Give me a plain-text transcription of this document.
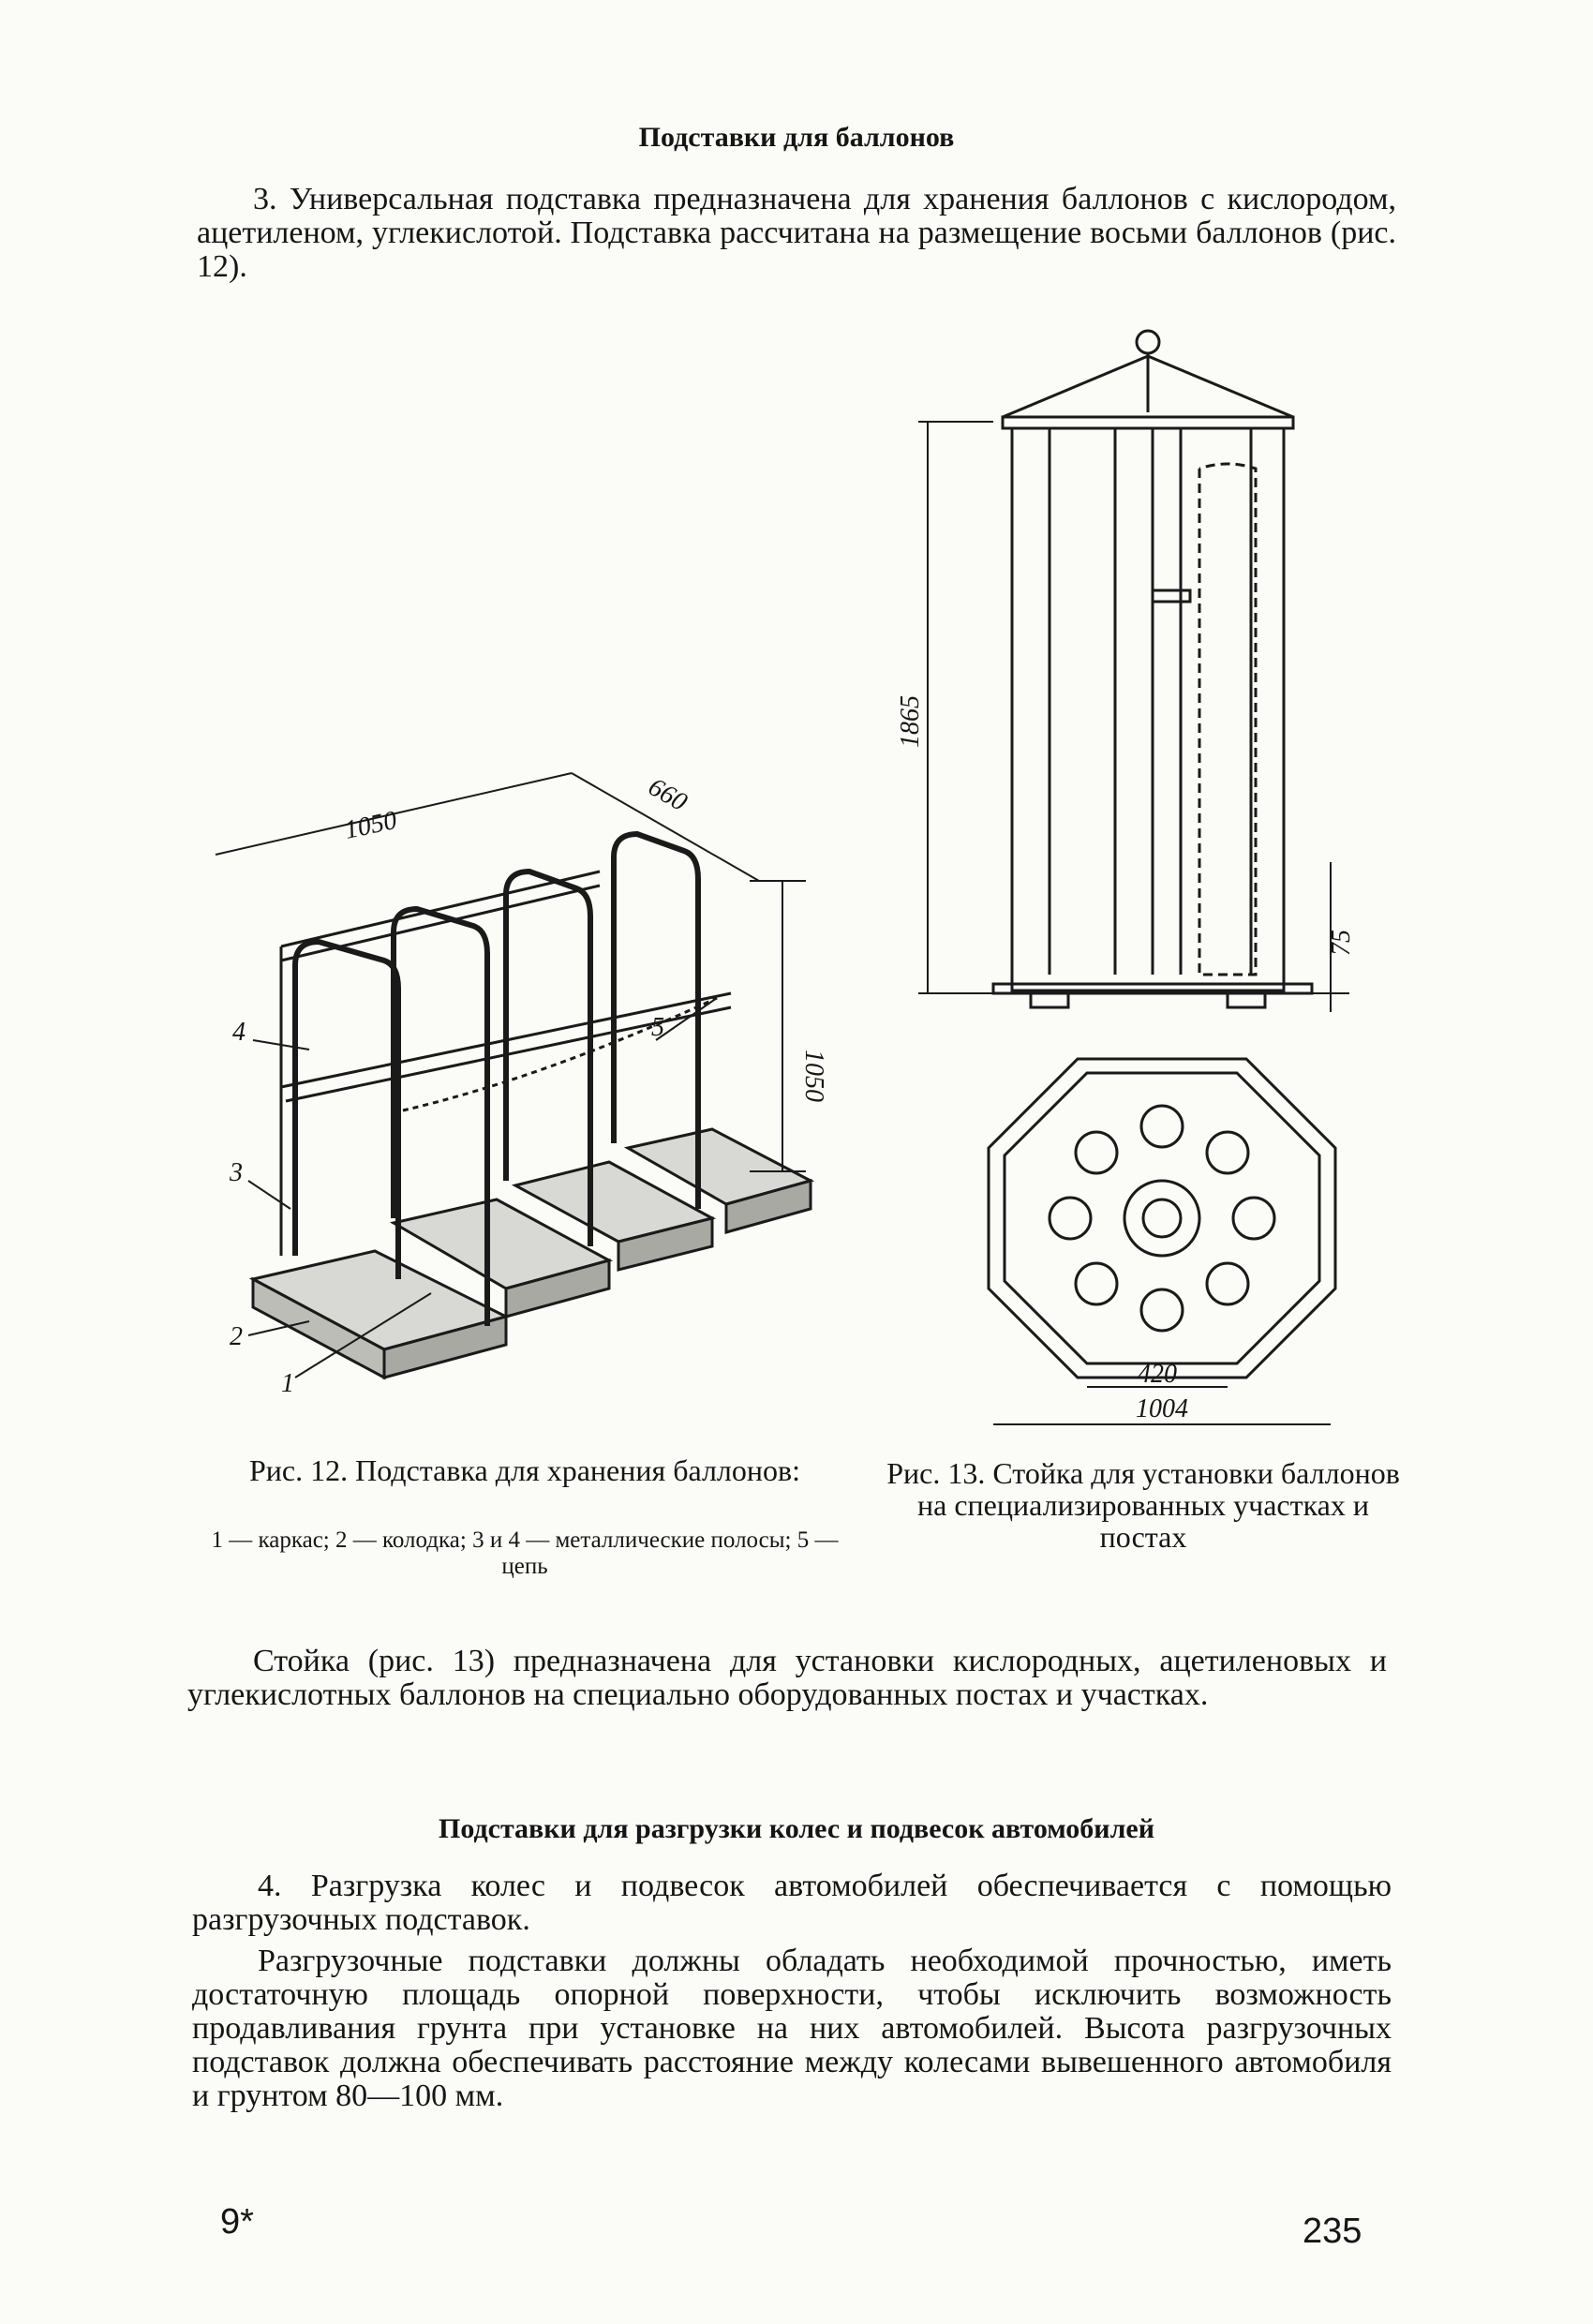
Подставки для баллонов
3. Универсальная подставка предназначена для хранения баллонов с кислородом, ацетиленом, углекислотой. Подставка рассчитана на размещение восьми баллонов (рис. 12).
1050
660
1050
1
2
3
4	5
Рис. 12. Подставка для хранения баллонов:
1 — каркас; 2 — колодка; 3 и 4 — металлические полосы; 5 — цепь
1865
75
420
1004
Рис. 13. Стойка для установки баллонов на специализированных участках и постах
Стойка (рис. 13) предназначена для установки кислородных, ацетиленовых и углекислотных баллонов на специально оборудованных постах и участках.
Подставки для разгрузки колес и подвесок автомобилей
4. Разгрузка колес и подвесок автомобилей обеспечивается с помощью разгрузочных подставок.
Разгрузочные подставки должны обладать необходимой прочностью, иметь достаточную площадь опорной поверхности, чтобы исключить возможность продавливания грунта при установке на них автомобилей. Высота разгрузочных подставок должна обеспечивать расстояние между колесами вывешенного автомобиля и грунтом 80—100 мм.
9*	235
